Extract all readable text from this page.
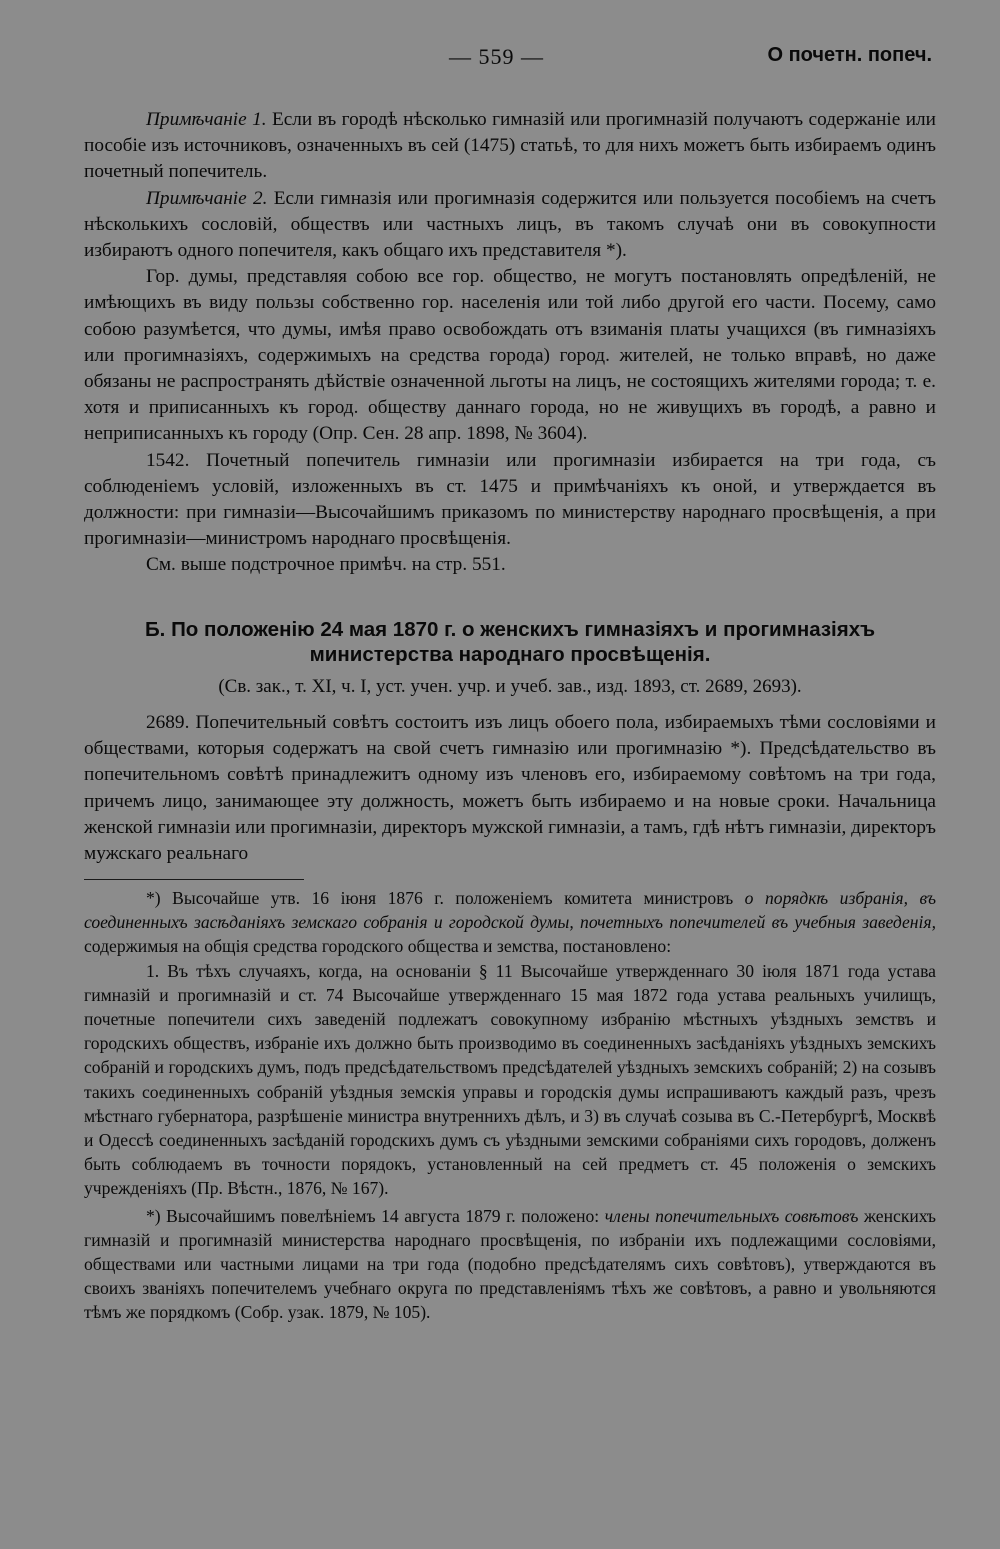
— 559 —	О почетн. попеч.

Примѣчаніе 1. Если въ городѣ нѣсколько гимназій или прогимназій получаютъ содержаніе или пособіе изъ источниковъ, означенныхъ въ сей (1475) статьѣ, то для нихъ можетъ быть избираемъ одинъ почетный попечитель.

Примѣчаніе 2. Если гимназія или прогимназія содержится или пользуется пособіемъ на счетъ нѣсколькихъ сословій, обществъ или частныхъ лицъ, въ такомъ случаѣ они въ совокупности избираютъ одного попечителя, какъ общаго ихъ представителя *).

Гор. думы, представляя собою все гор. общество, не могутъ постановлять опредѣленій, не имѣющихъ въ виду пользы собственно гор. населенія или той либо другой его части. Посему, само собою разумѣется, что думы, имѣя право освобождать отъ взиманія платы учащихся (въ гимназіяхъ или прогимназіяхъ, содержимыхъ на средства города) город. жителей, не только вправѣ, но даже обязаны не распространять дѣйствіе означенной льготы на лицъ, не состоящихъ жителями города; т. е. хотя и приписанныхъ къ город. обществу даннаго города, но не живущихъ въ городѣ, а равно и неприписанныхъ къ городу (Опр. Сен. 28 апр. 1898, № 3604).

1542. Почетный попечитель гимназіи или прогимназіи избирается на три года, съ соблюденіемъ условій, изложенныхъ въ ст. 1475 и примѣчаніяхъ къ оной, и утверждается въ должности: при гимназіи—Высочайшимъ приказомъ по министерству народнаго просвѣщенія, а при прогимназіи—министромъ народнаго просвѣщенія.

См. выше подстрочное примѣч. на стр. 551.

Б. По положенію 24 мая 1870 г. о женскихъ гимназіяхъ и прогимназіяхъ министерства народнаго просвѣщенія.
(Св. зак., т. XI, ч. I, уст. учен. учр. и учеб. зав., изд. 1893, ст. 2689, 2693).

2689. Попечительный совѣтъ состоитъ изъ лицъ обоего пола, избираемыхъ тѣми сословіями и обществами, которыя содержатъ на свой счетъ гимназію или прогимназію *). Предсѣдательство въ попечительномъ совѣтѣ принадлежитъ одному изъ членовъ его, избираемому совѣтомъ на три года, причемъ лицо, занимающее эту должность, можетъ быть избираемо и на новые сроки. Начальница женской гимназіи или прогимназіи, директоръ мужской гимназіи, а тамъ, гдѣ нѣтъ гимназіи, директоръ мужскаго реальнаго

*) Высочайше утв. 16 іюня 1876 г. положеніемъ комитета министровъ о порядкѣ избранія, въ соединенныхъ засѣданіяхъ земскаго собранія и городской думы, почетныхъ попечителей въ учебныя заведенія, содержимыя на общія средства городского общества и земства, постановлено:

1. Въ тѣхъ случаяхъ, когда, на основаніи § 11 Высочайше утвержденнаго 30 іюля 1871 года устава гимназій и прогимназій и ст. 74 Высочайше утвержденнаго 15 мая 1872 года устава реальныхъ училищъ, почетные попечители сихъ заведеній подлежатъ совокупному избранію мѣстныхъ уѣздныхъ земствъ и городскихъ обществъ, избраніе ихъ должно быть производимо въ соединенныхъ засѣданіяхъ уѣздныхъ земскихъ собраній и городскихъ думъ, подъ предсѣдательствомъ предсѣдателей уѣздныхъ земскихъ собраній; 2) на созывъ такихъ соединенныхъ собраній уѣздныя земскія управы и городскія думы испрашиваютъ каждый разъ, чрезъ мѣстнаго губернатора, разрѣшеніе министра внутреннихъ дѣлъ, и 3) въ случаѣ созыва въ С.-Петербургѣ, Москвѣ и Одессѣ соединенныхъ засѣданій городскихъ думъ съ уѣздными земскими собраніями сихъ городовъ, долженъ быть соблюдаемъ въ точности порядокъ, установленный на сей предметъ ст. 45 положенія о земскихъ учрежденіяхъ (Пр. Вѣстн., 1876, № 167).

*) Высочайшимъ повелѣніемъ 14 августа 1879 г. положено: члены попечительныхъ совѣтовъ женскихъ гимназій и прогимназій министерства народнаго просвѣщенія, по избраніи ихъ подлежащими сословіями, обществами или частными лицами на три года (подобно предсѣдателямъ сихъ совѣтовъ), утверждаются въ своихъ званіяхъ попечителемъ учебнаго округа по представленіямъ тѣхъ же совѣтовъ, а равно и увольняются тѣмъ же порядкомъ (Собр. узак. 1879, № 105).
